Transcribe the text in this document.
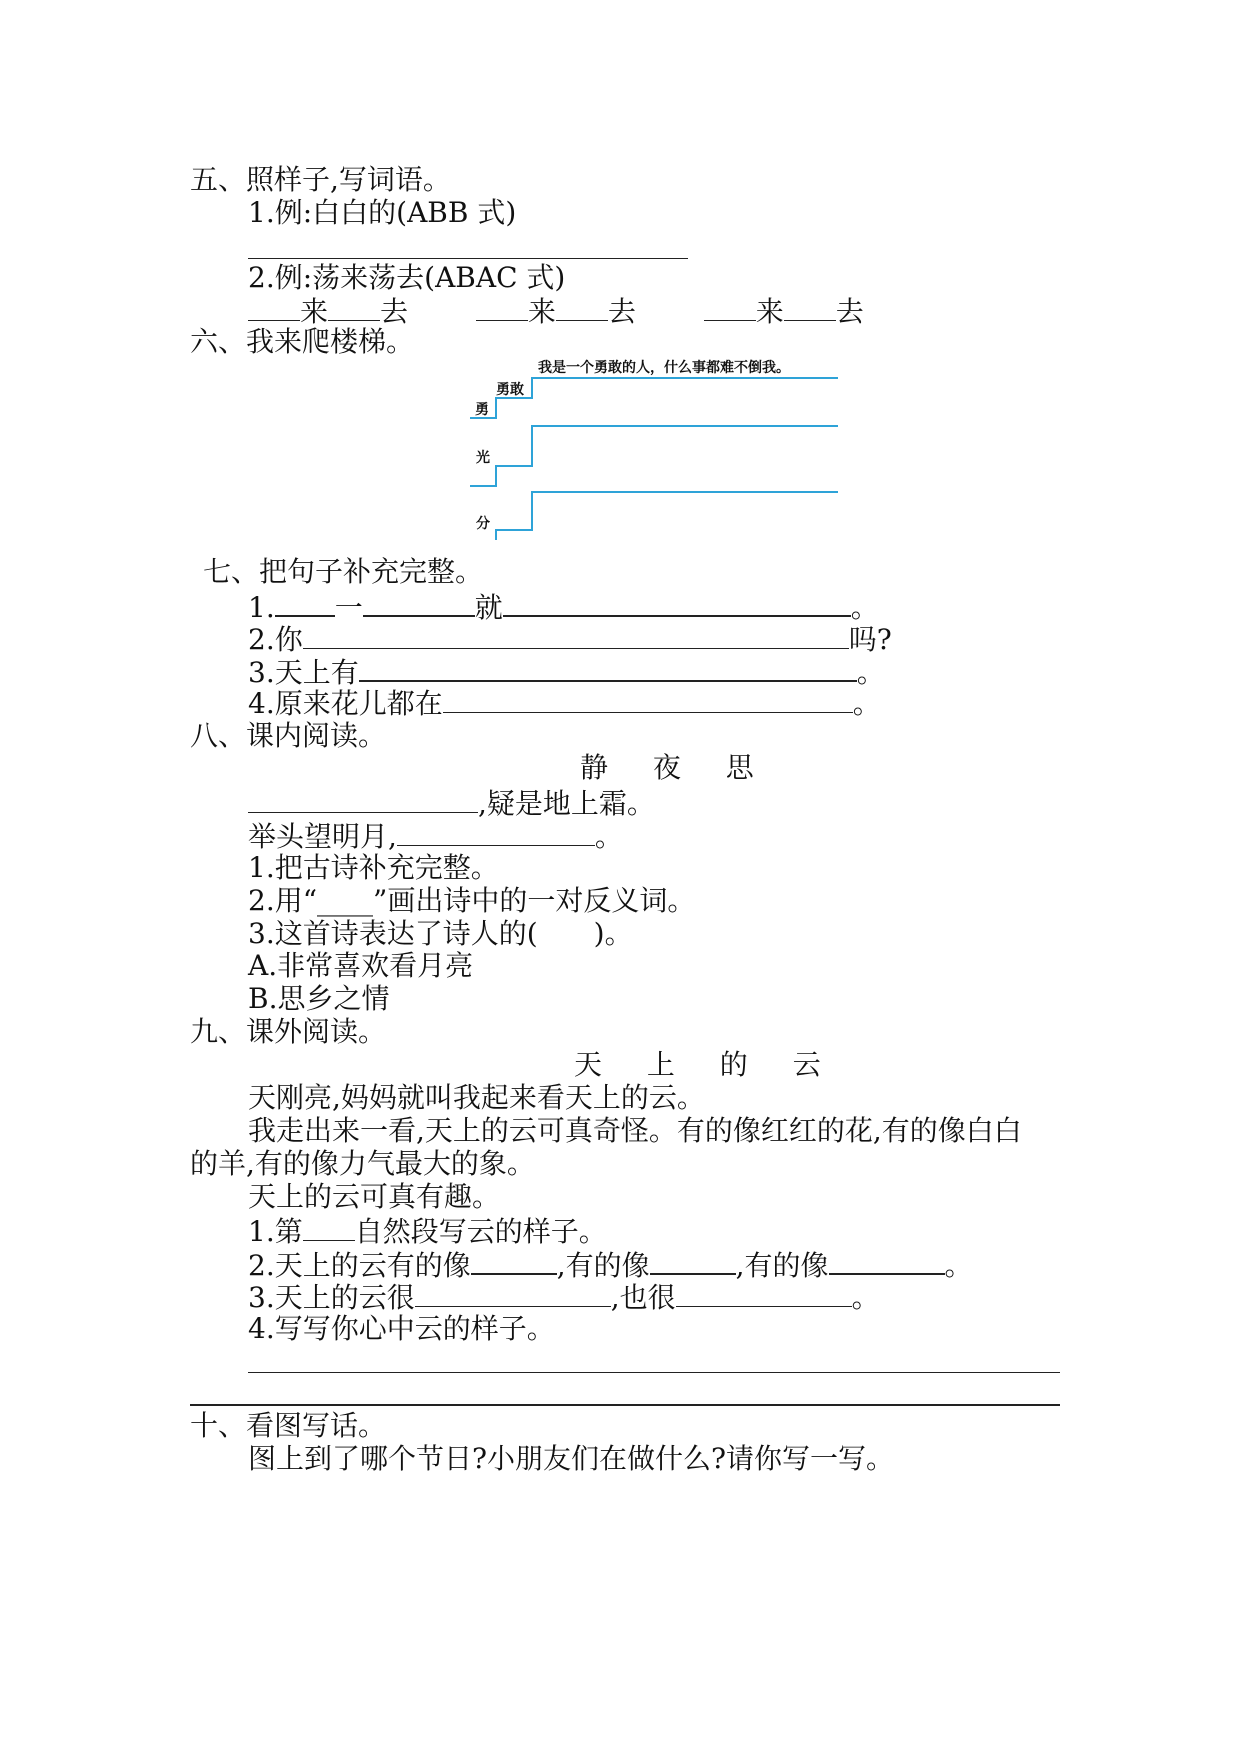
五、照样子,写词语。
1.例:白白的(ABB 式)
2.例:荡来荡去(ABAC 式)
来 去	来 去	来 去
六、我来爬楼梯。
我是一个勇敢的人，什么事都难不倒我。
勇敢
勇
光
分
七、把句子补充完整。
1. 一	就	。
2.你	吗?
3.天上有	。
4.原来花儿都在	。
八、课内阅读。
静 夜 思
,疑是地上霜。
举头望明月,	。
1.把古诗补充完整。
2.用“____”画出诗中的一对反义词。
3.这首诗表达了诗人的(　　)。
A.非常喜欢看月亮
B.思乡之情
九、课外阅读。
天 上 的 云
天刚亮,妈妈就叫我起来看天上的云。
我走出来一看,天上的云可真奇怪。有的像红红的花,有的像白白
的羊,有的像力气最大的象。
天上的云可真有趣。
1.第 自然段写云的样子。
2.天上的云有的像	,有的像	,有的像	。
3.天上的云很	,也很	。
4.写写你心中云的样子。
十、看图写话。
图上到了哪个节日?小朋友们在做什么?请你写一写。
